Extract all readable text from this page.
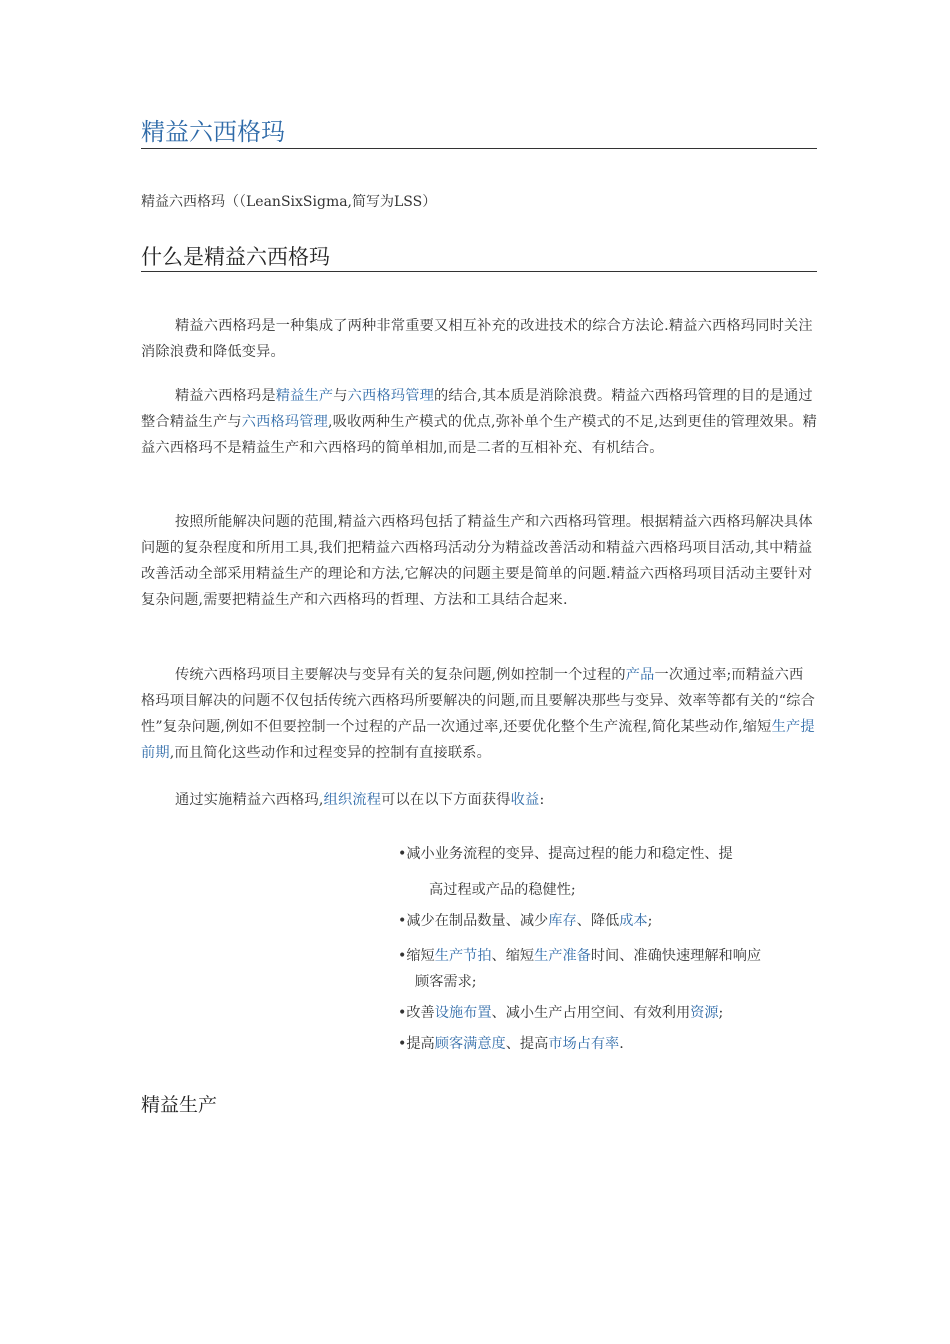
精益六西格玛
精益六西格玛（（LeanSixSigma,简写为LSS）
什么是精益六西格玛

精益六西格玛是一种集成了两种非常重要又相互补充的改进技术的综合方法论.精益六西格玛同时关注消除浪费和降低变异。

精益六西格玛是精益生产与六西格玛管理的结合,其本质是消除浪费。精益六西格玛管理的目的是通过整合精益生产与六西格玛管理,吸收两种生产模式的优点,弥补单个生产模式的不足,达到更佳的管理效果。精益六西格玛不是精益生产和六西格玛的简单相加,而是二者的互相补充、有机结合。

按照所能解决问题的范围,精益六西格玛包括了精益生产和六西格玛管理。根据精益六西格玛解决具体问题的复杂程度和所用工具,我们把精益六西格玛活动分为精益改善活动和精益六西格玛项目活动,其中精益改善活动全部采用精益生产的理论和方法,它解决的问题主要是简单的问题.精益六西格玛项目活动主要针对复杂问题,需要把精益生产和六西格玛的哲理、方法和工具结合起来.

传统六西格玛项目主要解决与变异有关的复杂问题,例如控制一个过程的产品一次通过率;而精益六西格玛项目解决的问题不仅包括传统六西格玛所要解决的问题,而且要解决那些与变异、效率等都有关的“综合性”复杂问题,例如不但要控制一个过程的产品一次通过率,还要优化整个生产流程,简化某些动作,缩短生产提前期,而且简化这些动作和过程变异的控制有直接联系。

通过实施精益六西格玛,组织流程可以在以下方面获得收益:

•减小业务流程的变异、提高过程的能力和稳定性、提
高过程或产品的稳健性;
•减少在制品数量、减少库存、降低成本;
•缩短生产节拍、缩短生产准备时间、准确快速理解和响应
顾客需求;
•改善设施布置、减小生产占用空间、有效利用资源;
•提高顾客满意度、提高市场占有率.
精益生产
